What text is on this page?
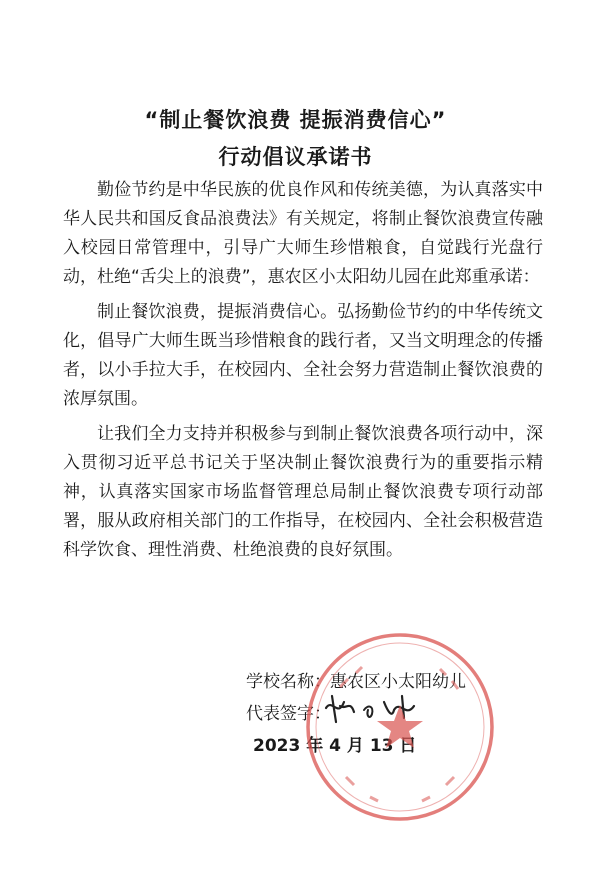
“制止餐饮浪费 提振消费信心”
行动倡议承诺书

勤俭节约是中华民族的优良作风和传统美德，为认真落实中华人民共和国反食品浪费法》有关规定，将制止餐饮浪费宣传融入校园日常管理中，引导广大师生珍惜粮食，自觉践行光盘行动，杜绝“舌尖上的浪费”，惠农区小太阳幼儿园在此郑重承诺：

制止餐饮浪费，提振消费信心。弘扬勤俭节约的中华传统文化，倡导广大师生既当珍惜粮食的践行者，又当文明理念的传播者，以小手拉大手，在校园内、全社会努力营造制止餐饮浪费的浓厚氛围。

让我们全力支持并积极参与到制止餐饮浪费各项行动中，深入贯彻习近平总书记关于坚决制止餐饮浪费行为的重要指示精神，认真落实国家市场监督管理总局制止餐饮浪费专项行动部署，服从政府相关部门的工作指导，在校园内、全社会积极营造科学饮食、理性消费、杜绝浪费的良好氛围。

学校名称： 惠农区小太阳幼儿
代表签字：
2023 年 4 月 13 日
